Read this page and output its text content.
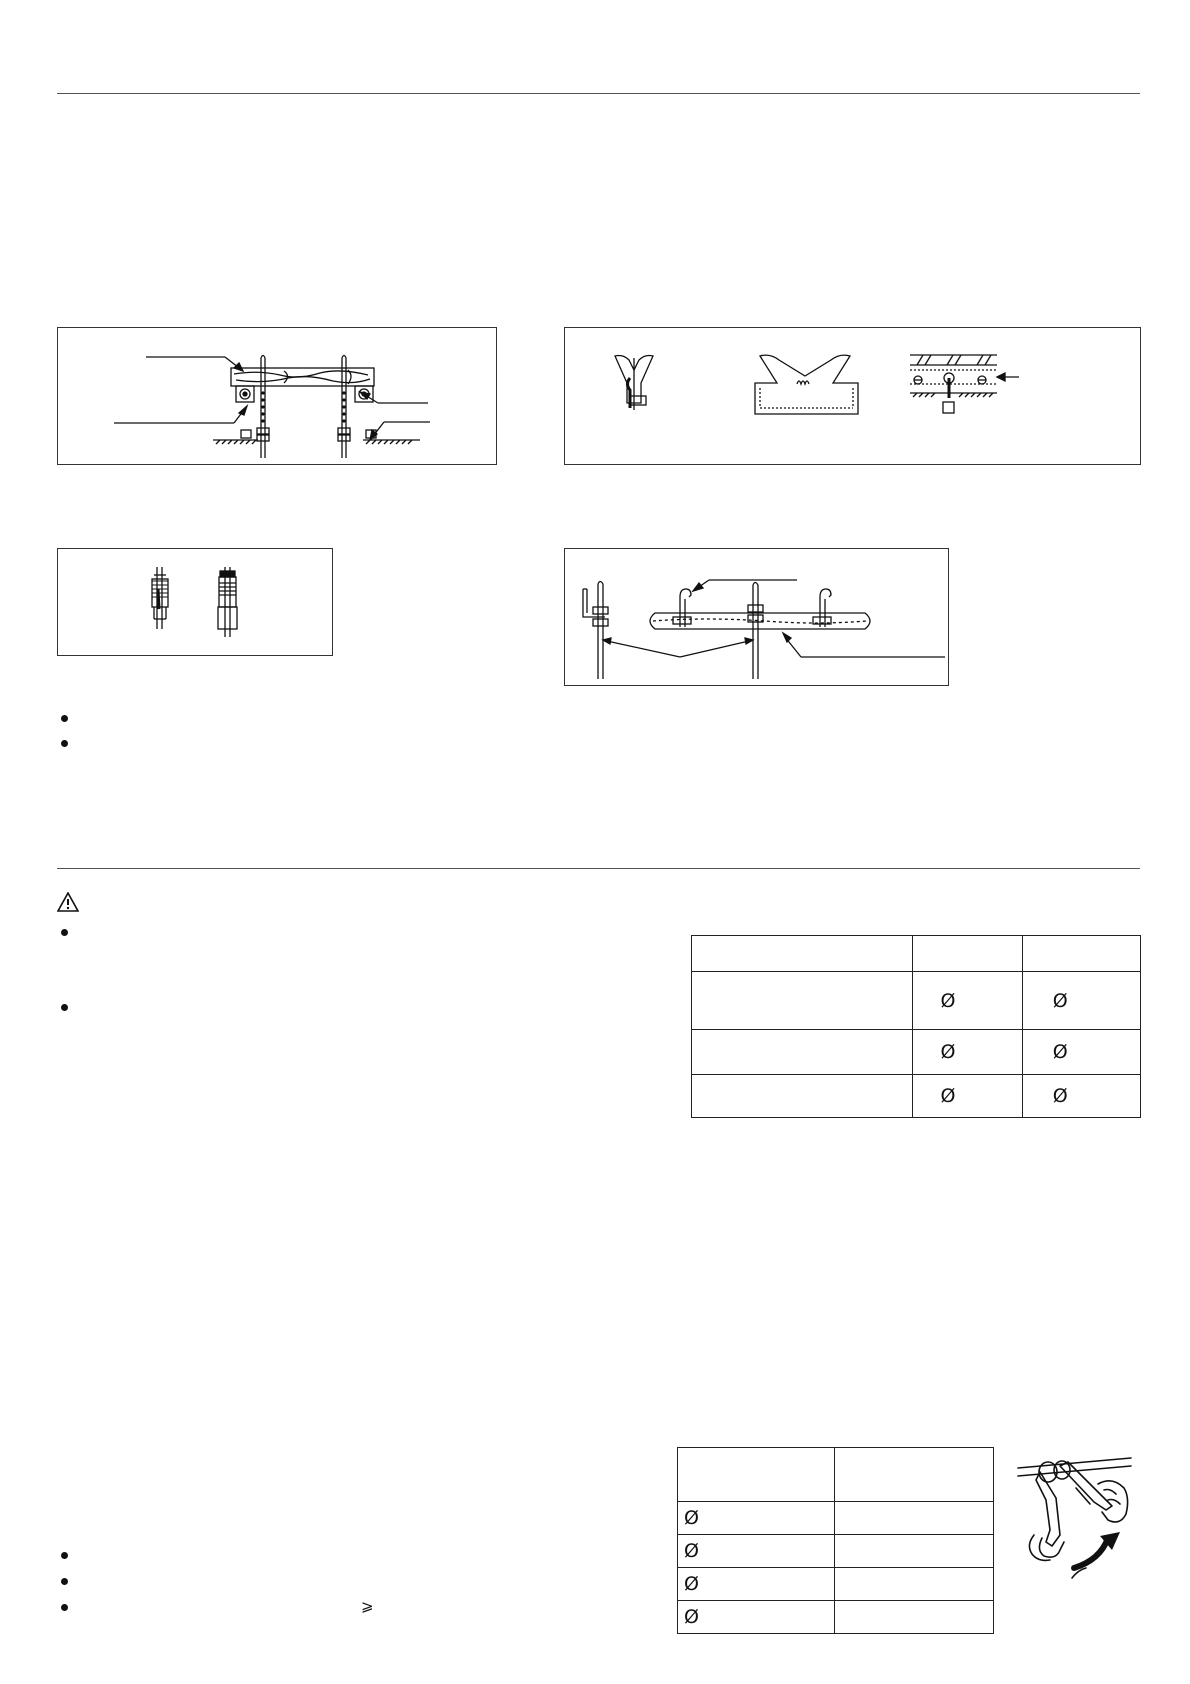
	Ø	Ø
	Ø	Ø
	Ø	Ø

Ø	
Ø	
Ø	
Ø	
⩾
